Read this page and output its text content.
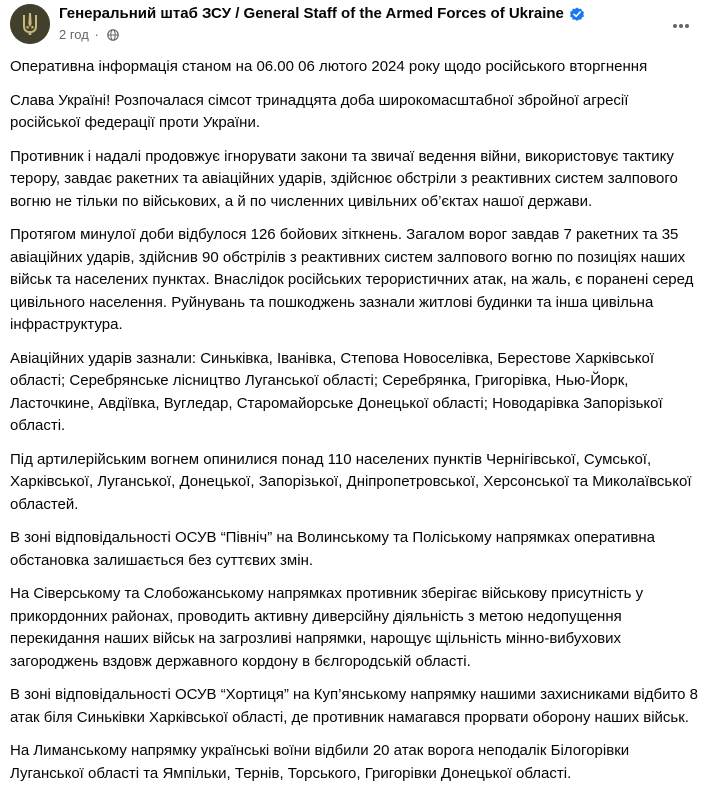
Генеральний штаб ЗСУ / General Staff of the Armed Forces of Ukraine
2 год ·

Оперативна інформація станом на 06.00 06 лютого 2024 року щодо російського вторгнення

Слава Україні! Розпочалася сімсот тринадцята доба широкомасштабної збройної агресії російської федерації проти України.

Противник і надалі продовжує ігнорувати закони та звичаї ведення війни, використовує тактику терору, завдає ракетних та авіаційних ударів, здійснює обстріли з реактивних систем залпового вогню не тільки по військових, а й по численних цивільних об’єктах нашої держави.

Протягом минулої доби відбулося 126 бойових зіткнень. Загалом ворог завдав 7 ракетних та 35 авіаційних ударів, здійснив 90 обстрілів з реактивних систем залпового вогню по позиціях наших військ та населених пунктах. Внаслідок російських терористичних атак, на жаль, є поранені серед цивільного населення. Руйнувань та пошкоджень зазнали житлові будинки та інша цивільна інфраструктура.

Авіаційних ударів зазнали: Синьківка, Іванівка, Степова Новоселівка, Берестове Харківської області; Серебрянське лісництво Луганської області; Серебрянка, Григорівка, Нью-Йорк, Ласточкине, Авдіївка, Вугледар, Старомайорське Донецької області; Новодарівка Запорізької області.

Під артилерійським вогнем опинилися понад 110 населених пунктів Чернігівської, Сумської, Харківської, Луганської, Донецької, Запорізької, Дніпропетровської, Херсонської та Миколаївської областей.

В зоні відповідальності ОСУВ “Північ” на Волинському та Поліському напрямках оперативна обстановка залишається без суттєвих змін.

На Сіверському та Слобожанському напрямках противник зберігає військову присутність у прикордонних районах, проводить активну диверсійну діяльність з метою недопущення перекидання наших військ на загрозливі напрямки, нарощує щільність мінно-вибухових загороджень вздовж державного кордону в бєлгородській області.

В зоні відповідальності ОСУВ “Хортиця” на Куп’янському напрямку нашими захисниками відбито 8 атак біля Синьківки Харківської області, де противник намагався прорвати оборону наших військ.

На Лиманському напрямку українські воїни відбили 20 атак ворога неподалік Білогорівки Луганської області та Ямпільки, Тернів, Торського, Григорівки Донецької області.
